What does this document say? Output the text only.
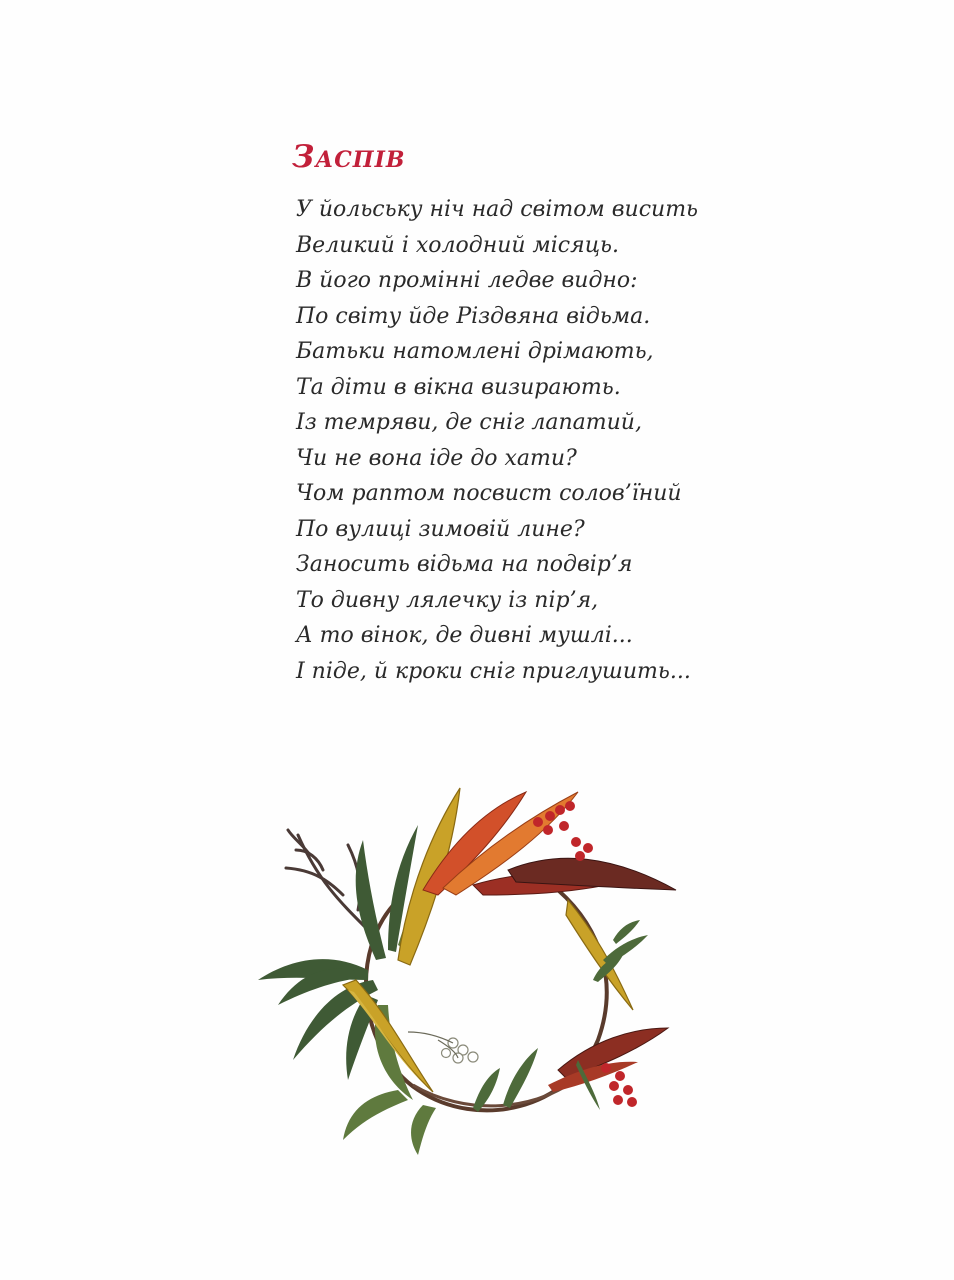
Заспів
У йольську ніч над світом висить
Великий і холодний місяць.
В його промінні ледве видно:
По світу йде Різдвяна відьма.
Батьки натомлені дрімають,
Та діти в вікна визирають.
Із темряви, де сніг лапатий,
Чи не вона іде до хати?
Чом раптом посвист солов’їний
По вулиці зимовій лине?
Заносить відьма на подвір’я
То дивну лялечку із пір’я,
А то вінок, де дивні мушлі...
І піде, й кроки сніг приглушить...
